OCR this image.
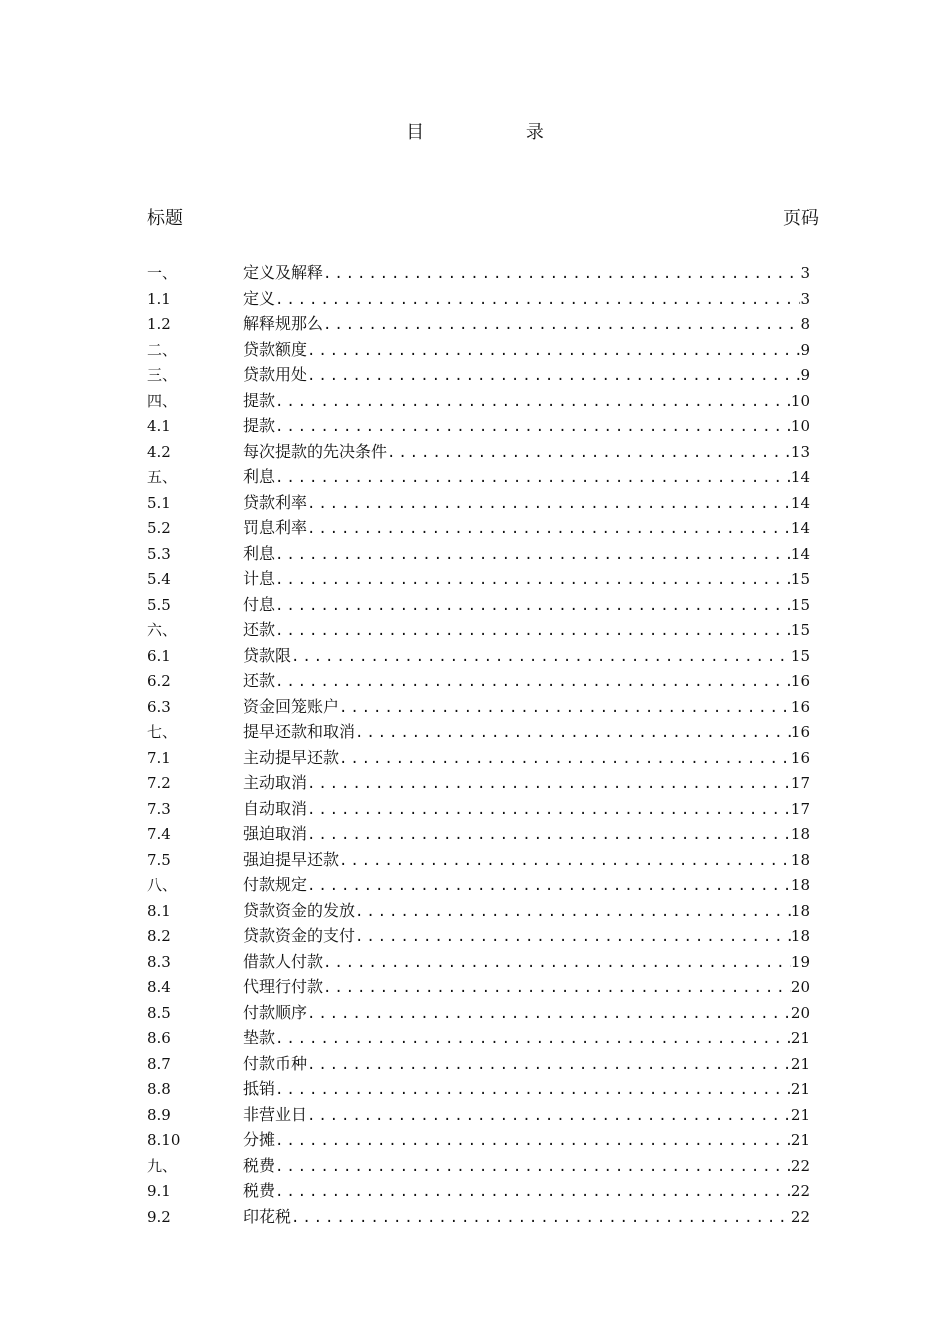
目 录
标题	页码
一、	定义及解释 .....	3
1.1	定义 .....	3
1.2	解释规那么 .....	8
二、	贷款额度 .....	9
三、	贷款用处 .....	9
四、	提款 .....	10
4.1	提款 .....	10
4.2	每次提款的先决条件 .....	13
五、	利息 .....	14
5.1	贷款利率 .....	14
5.2	罚息利率 .....	14
5.3	利息 .....	14
5.4	计息 .....	15
5.5	付息 .....	15
六、	还款 .....	15
6.1	贷款限 .....	15
6.2	还款 .....	16
6.3	资金回笼账户 .....	16
七、	提早还款和取消 .....	16
7.1	主动提早还款 .....	16
7.2	主动取消 .....	17
7.3	自动取消 .....	17
7.4	强迫取消 .....	18
7.5	强迫提早还款 .....	18
八、	付款规定 .....	18
8.1	贷款资金的发放 .....	18
8.2	贷款资金的支付 .....	18
8.3	借款人付款 .....	19
8.4	代理行付款 .....	20
8.5	付款顺序 .....	20
8.6	垫款 .....	21
8.7	付款币种 .....	21
8.8	抵销 .....	21
8.9	非营业日 .....	21
8.10	分摊 .....	21
九、	税费 .....	22
9.1	税费 .....	22
9.2	印花税 .....	22
